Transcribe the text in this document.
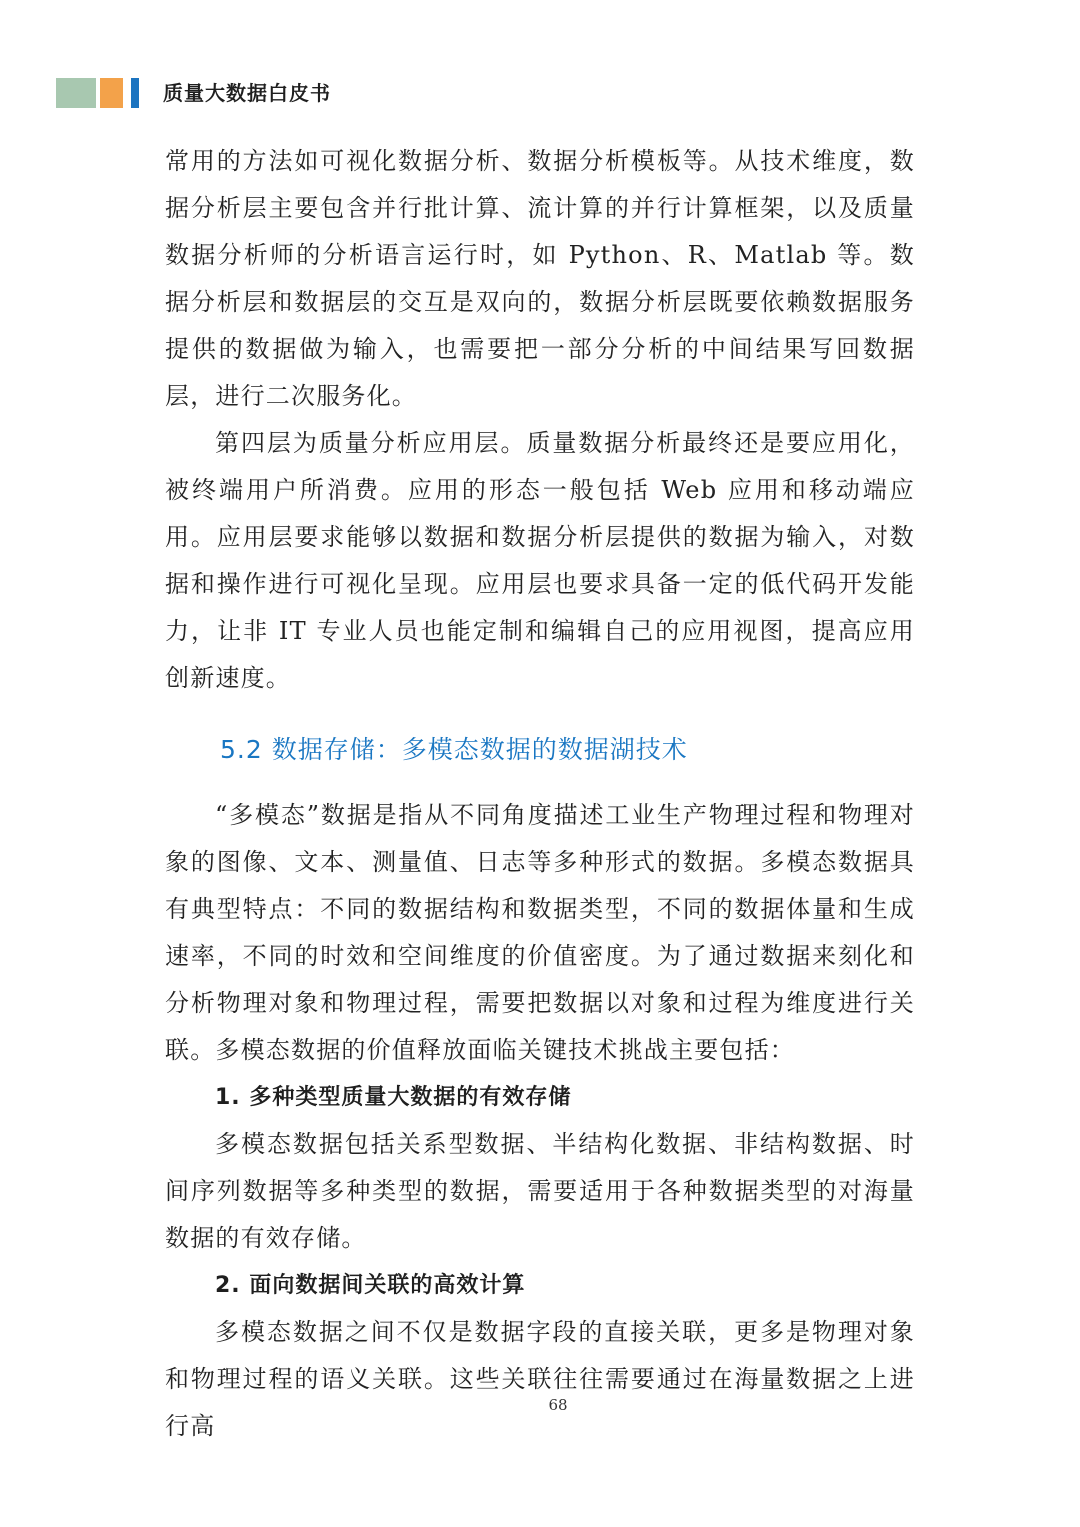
质量大数据白皮书

常用的方法如可视化数据分析、数据分析模板等。从技术维度，数据分析层主要包含并行批计算、流计算的并行计算框架，以及质量数据分析师的分析语言运行时，如 Python、R、Matlab 等。数据分析层和数据层的交互是双向的，数据分析层既要依赖数据服务提供的数据做为输入，也需要把一部分分析的中间结果写回数据层，进行二次服务化。

第四层为质量分析应用层。质量数据分析最终还是要应用化，被终端用户所消费。应用的形态一般包括 Web 应用和移动端应用。应用层要求能够以数据和数据分析层提供的数据为输入，对数据和操作进行可视化呈现。应用层也要求具备一定的低代码开发能力，让非 IT 专业人员也能定制和编辑自己的应用视图，提高应用创新速度。

5.2 数据存储：多模态数据的数据湖技术

“多模态”数据是指从不同角度描述工业生产物理过程和物理对象的图像、文本、测量值、日志等多种形式的数据。多模态数据具有典型特点：不同的数据结构和数据类型，不同的数据体量和生成速率，不同的时效和空间维度的价值密度。为了通过数据来刻化和分析物理对象和物理过程，需要把数据以对象和过程为维度进行关联。多模态数据的价值释放面临关键技术挑战主要包括：

1. 多种类型质量大数据的有效存储

多模态数据包括关系型数据、半结构化数据、非结构数据、时间序列数据等多种类型的数据，需要适用于各种数据类型的对海量数据的有效存储。

2. 面向数据间关联的高效计算

多模态数据之间不仅是数据字段的直接关联，更多是物理对象和物理过程的语义关联。这些关联往往需要通过在海量数据之上进行高

68
